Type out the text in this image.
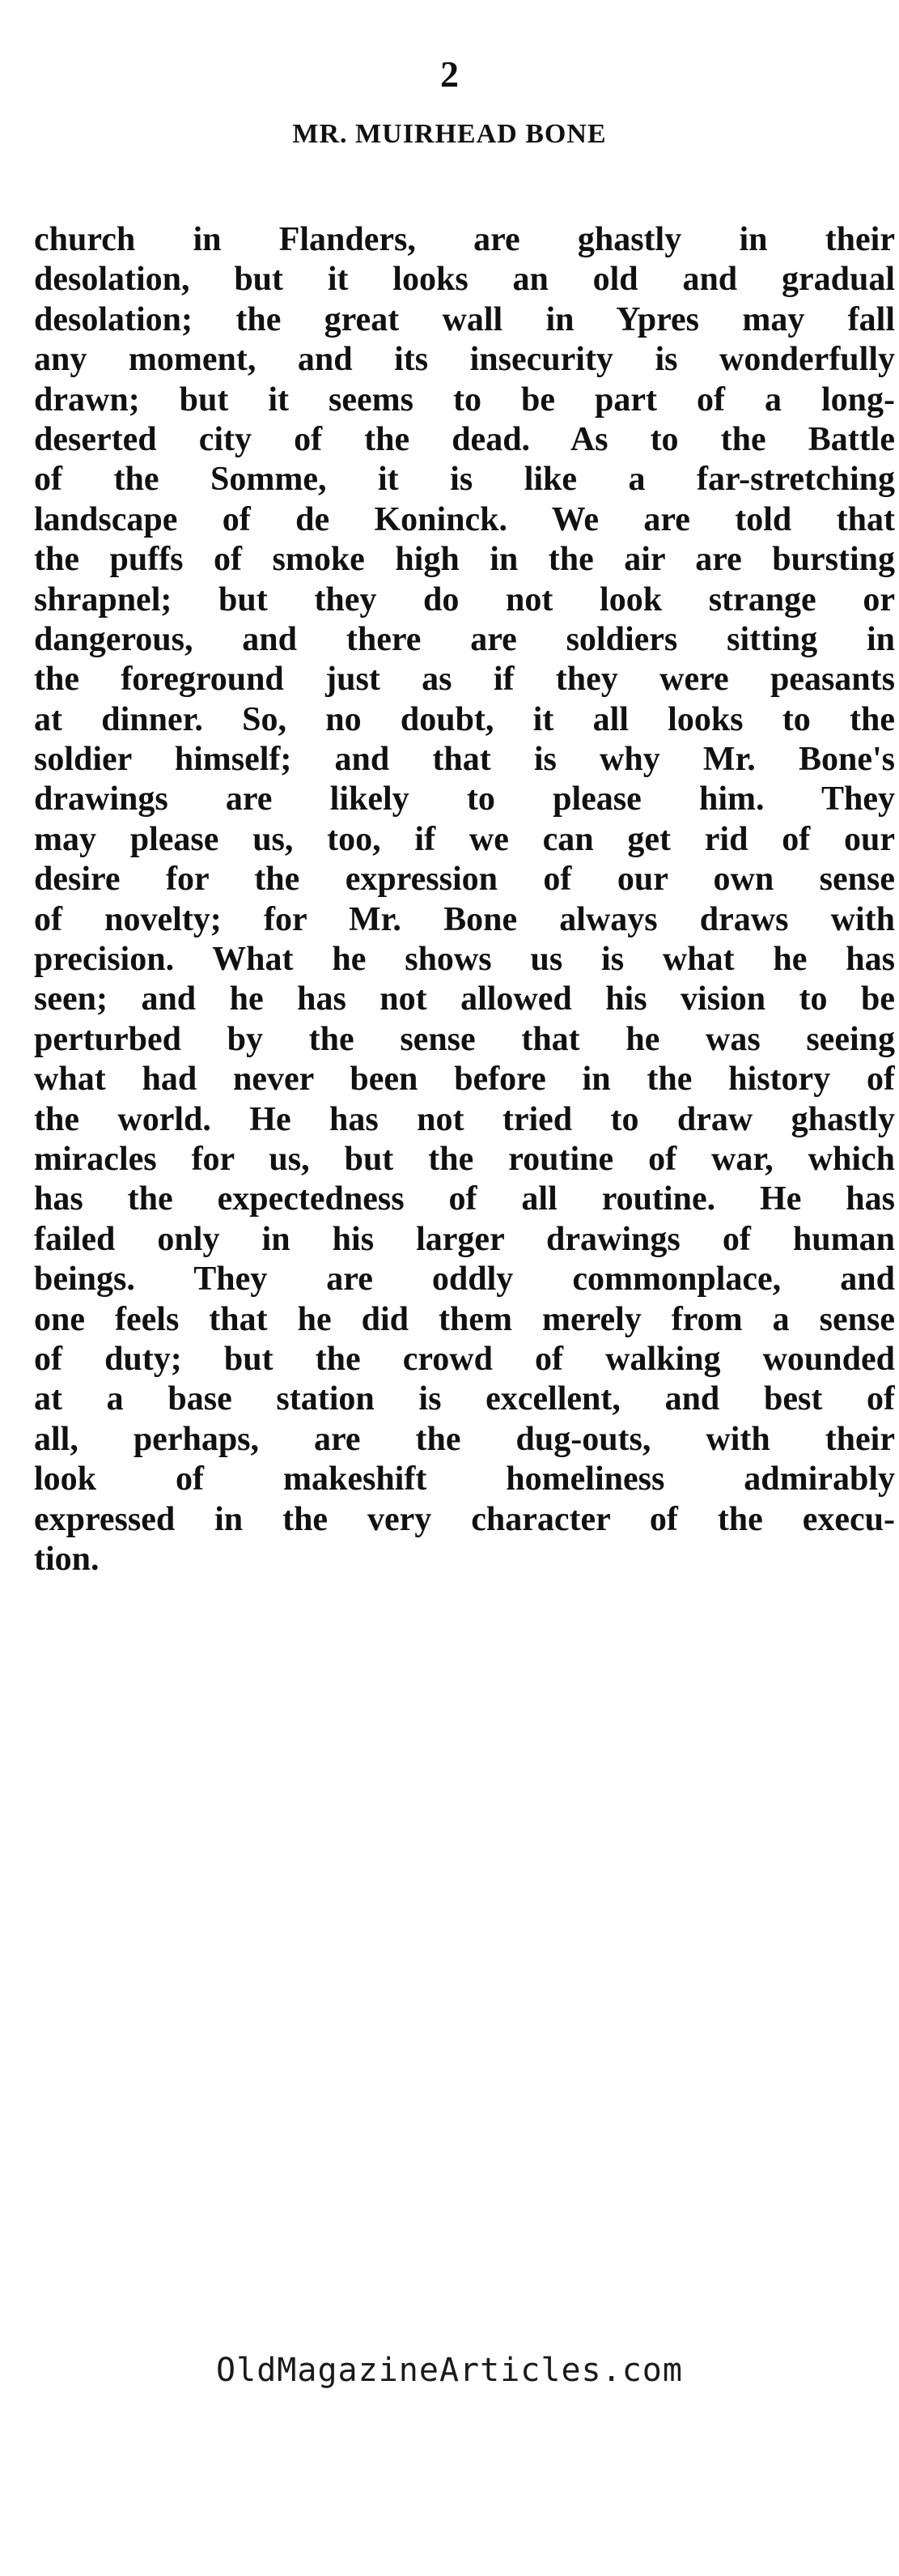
2
MR. MUIRHEAD BONE
church in Flanders, are ghastly in their
desolation, but it looks an old and gradual
desolation; the great wall in Ypres may fall
any moment, and its insecurity is wonderfully
drawn; but it seems to be part of a long-
deserted city of the dead. As to the Battle
of the Somme, it is like a far-stretching
landscape of de Koninck. We are told that
the puffs of smoke high in the air are bursting
shrapnel; but they do not look strange or
dangerous, and there are soldiers sitting in
the foreground just as if they were peasants
at dinner. So, no doubt, it all looks to the
soldier himself; and that is why Mr. Bone's
drawings are likely to please him. They
may please us, too, if we can get rid of our
desire for the expression of our own sense
of novelty; for Mr. Bone always draws with
precision. What he shows us is what he has
seen; and he has not allowed his vision to be
perturbed by the sense that he was seeing
what had never been before in the history of
the world. He has not tried to draw ghastly
miracles for us, but the routine of war, which
has the expectedness of all routine. He has
failed only in his larger drawings of human
beings. They are oddly commonplace, and
one feels that he did them merely from a sense
of duty; but the crowd of walking wounded
at a base station is excellent, and best of
all, perhaps, are the dug-outs, with their
look of makeshift homeliness admirably
expressed in the very character of the execu-
tion.
OldMagazineArticles.com
